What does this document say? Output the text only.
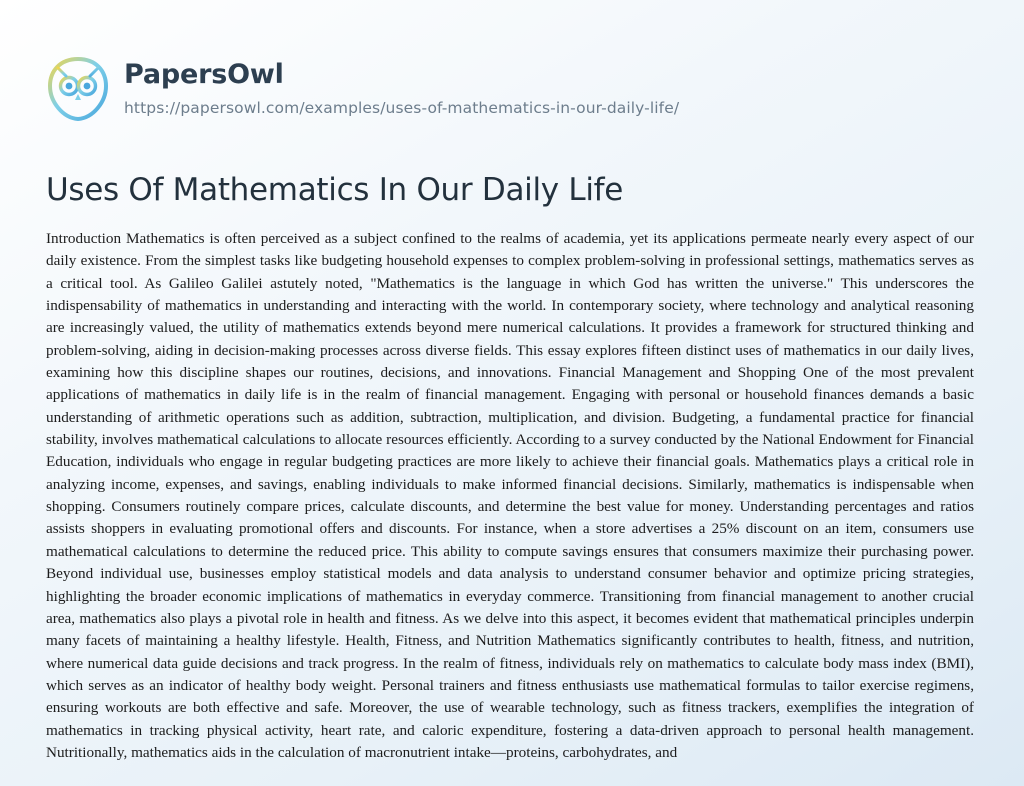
PapersOwl
https://papersowl.com/examples/uses-of-mathematics-in-our-daily-life/
Uses Of Mathematics In Our Daily Life
Introduction Mathematics is often perceived as a subject confined to the realms of academia, yet its applications permeate nearly every aspect of our daily existence. From the simplest tasks like budgeting household expenses to complex problem-solving in professional settings, mathematics serves as a critical tool. As Galileo Galilei astutely noted, "Mathematics is the language in which God has written the universe." This underscores the indispensability of mathematics in understanding and interacting with the world. In contemporary society, where technology and analytical reasoning are increasingly valued, the utility of mathematics extends beyond mere numerical calculations. It provides a framework for structured thinking and problem-solving, aiding in decision-making processes across diverse fields. This essay explores fifteen distinct uses of mathematics in our daily lives, examining how this discipline shapes our routines, decisions, and innovations. Financial Management and Shopping One of the most prevalent applications of mathematics in daily life is in the realm of financial management. Engaging with personal or household finances demands a basic understanding of arithmetic operations such as addition, subtraction, multiplication, and division. Budgeting, a fundamental practice for financial stability, involves mathematical calculations to allocate resources efficiently. According to a survey conducted by the National Endowment for Financial Education, individuals who engage in regular budgeting practices are more likely to achieve their financial goals. Mathematics plays a critical role in analyzing income, expenses, and savings, enabling individuals to make informed financial decisions. Similarly, mathematics is indispensable when shopping. Consumers routinely compare prices, calculate discounts, and determine the best value for money. Understanding percentages and ratios assists shoppers in evaluating promotional offers and discounts. For instance, when a store advertises a 25% discount on an item, consumers use mathematical calculations to determine the reduced price. This ability to compute savings ensures that consumers maximize their purchasing power. Beyond individual use, businesses employ statistical models and data analysis to understand consumer behavior and optimize pricing strategies, highlighting the broader economic implications of mathematics in everyday commerce. Transitioning from financial management to another crucial area, mathematics also plays a pivotal role in health and fitness. As we delve into this aspect, it becomes evident that mathematical principles underpin many facets of maintaining a healthy lifestyle. Health, Fitness, and Nutrition Mathematics significantly contributes to health, fitness, and nutrition, where numerical data guide decisions and track progress. In the realm of fitness, individuals rely on mathematics to calculate body mass index (BMI), which serves as an indicator of healthy body weight. Personal trainers and fitness enthusiasts use mathematical formulas to tailor exercise regimens, ensuring workouts are both effective and safe. Moreover, the use of wearable technology, such as fitness trackers, exemplifies the integration of mathematics in tracking physical activity, heart rate, and caloric expenditure, fostering a data-driven approach to personal health management. Nutritionally, mathematics aids in the calculation of macronutrient intake—proteins, carbohydrates, and
